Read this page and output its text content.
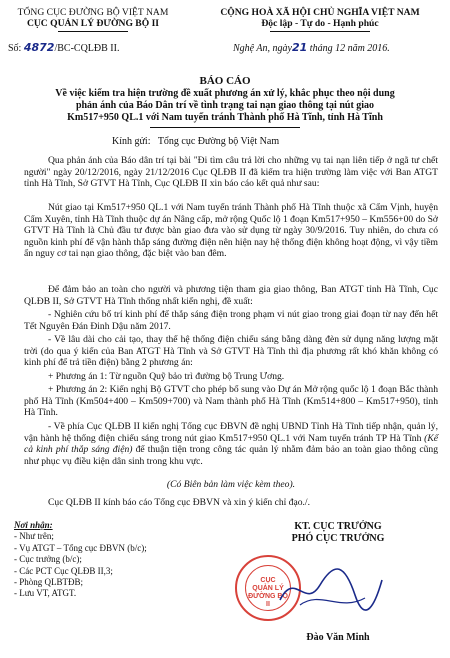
TỔNG CỤC ĐƯỜNG BỘ VIỆT NAM
CỤC QUẢN LÝ ĐƯỜNG BỘ II
CỘNG HOÀ XÃ HỘI CHỦ NGHĨA VIỆT NAM
Độc lập - Tự do - Hạnh phúc
Số: 4872/BC-CQLĐB II.	Nghệ An, ngày21 tháng 12 năm 2016.
BÁO CÁO
Về việc kiểm tra hiện trường đề xuất phương án xử lý, khắc phục theo nội dung
phản ánh của Báo Dân trí về tình trạng tai nạn giao thông tại nút giao
Km517+950 QL.1 với Nam tuyến tránh Thành phố Hà Tĩnh, tỉnh Hà Tĩnh
Kính gửi: Tổng cục Đường bộ Việt Nam
Qua phản ánh của Báo dân trí tại bài "Đi tìm câu trả lời cho những vụ tai nạn liên tiếp ở ngã tư chết người" ngày 20/12/2016, ngày 21/12/2016 Cục QLĐB II đã kiểm tra hiện trường làm việc với Ban ATGT tỉnh Hà Tĩnh, Sở GTVT Hà Tĩnh, Cục QLĐB II xin báo cáo kết quả như sau:
Nút giao tại Km517+950 QL.1 với Nam tuyến tránh Thành phố Hà Tĩnh thuộc xã Cẩm Vịnh, huyện Cẩm Xuyên, tỉnh Hà Tĩnh thuộc dự án Nâng cấp, mở rộng Quốc lộ 1 đoạn Km517+950 – Km556+00 do Sở GTVT Hà Tĩnh là Chủ đầu tư được bàn giao đưa vào sử dụng từ ngày 30/9/2016. Tuy nhiên, do chưa có nguồn kinh phí để vận hành thắp sáng đường điện nên hiện nay hệ thống điện không hoạt động, vì vậy tiềm ẩn nguy cơ tai nạn giao thông, đặc biệt vào ban đêm.
Để đảm bảo an toàn cho người và phương tiện tham gia giao thông, Ban ATGT tỉnh Hà Tĩnh, Cục QLĐB II, Sở GTVT Hà Tĩnh thống nhất kiến nghị, đề xuất:
- Nghiên cứu bố trí kinh phí để thắp sáng điện trong phạm vi nút giao trong giai đoạn từ nay đến hết Tết Nguyên Đán Đinh Dậu năm 2017.
- Về lâu dài cho cải tạo, thay thế hệ thống điện chiếu sáng bằng dàng đèn sử dụng năng lượng mặt trời (do qua ý kiến của Ban ATGT Hà Tĩnh và Sở GTVT Hà Tĩnh thì địa phương rất khó khăn không có kinh phí để trả tiền điện) bằng 2 phương án:
+ Phương án 1: Từ nguồn Quỹ bảo trì đường bộ Trung Ương.
+ Phương án 2: Kiến nghị Bộ GTVT cho phép bổ sung vào Dự án Mở rộng quốc lộ 1 đoạn Bắc thành phố Hà Tĩnh (Km504+400 – Km509+700) và Nam thành phố Hà Tĩnh (Km514+800 – Km517+950), tỉnh Hà Tĩnh.
- Về phía Cục QLĐB II kiến nghị Tổng cục ĐBVN đề nghị UBND Tỉnh Hà Tĩnh tiếp nhận, quản lý, vận hành hệ thống điện chiếu sáng trong nút giao Km517+950 QL.1 với Nam tuyến tránh TP Hà Tĩnh (Kể cả kinh phí thắp sáng điện) để thuận tiện trong công tác quản lý nhằm đảm bảo an toàn giao thông cũng như phục vụ điều kiện dân sinh trong khu vực.
(Có Biên bản làm việc kèm theo).
Cục QLĐB II kính báo cáo Tổng cục ĐBVN và xin ý kiến chỉ đạo./.
Nơi nhận:
- Như trên;
- Vụ ATGT – Tổng cục ĐBVN (b/c);
- Cục trưởng (b/c);
- Các PCT Cục QLĐB II,3;
- Phòng QLBTĐB;
- Lưu VT, ATGT.
KT. CỤC TRƯỞNG
PHÓ CỤC TRƯỞNG
CỤC
QUẢN LÝ
ĐƯỜNG BỘ
II
Đào Văn Minh
